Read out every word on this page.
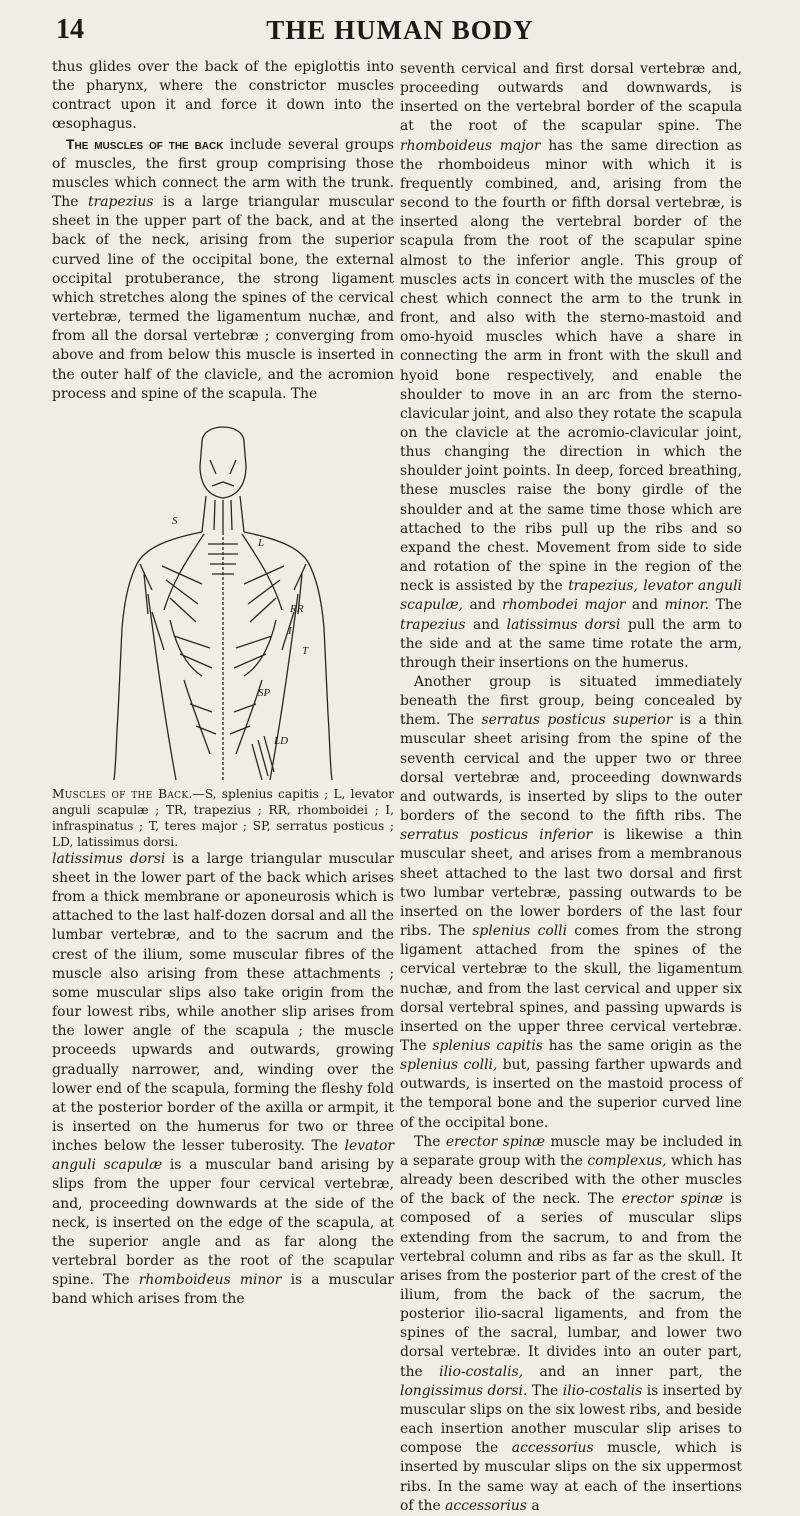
14	THE HUMAN BODY

thus glides over the back of the epiglottis into the pharynx, where the constrictor muscles contract upon it and force it down into the œsophagus.

The muscles of the back include several groups of muscles, the first group comprising those muscles which connect the arm with the trunk. The trapezius is a large triangular muscular sheet in the upper part of the back, and at the back of the neck, arising from the superior curved line of the occipital bone, the external occipital protuberance, the strong ligament which stretches along the spines of the cervical vertebræ, termed the ligamentum nuchæ, and from all the dorsal vertebræ ; converging from above and from below this muscle is inserted in the outer half of the clavicle, and the acromion process and spine of the scapula. The

S
L
RR
T
I
SP
LD

Muscles of the Back.—S, splenius capitis ; L, levator anguli scapulæ ; TR, trapezius ; RR, rhomboidei ; I, infraspinatus ; T, teres major ; SP, serratus posticus ; LD, latissimus dorsi.

latissimus dorsi is a large triangular muscular sheet in the lower part of the back which arises from a thick membrane or aponeurosis which is attached to the last half-dozen dorsal and all the lumbar vertebræ, and to the sacrum and the crest of the ilium, some muscular fibres of the muscle also arising from these attachments ; some muscular slips also take origin from the four lowest ribs, while another slip arises from the lower angle of the scapula ; the muscle proceeds upwards and outwards, growing gradually narrower, and, winding over the lower end of the scapula, forming the fleshy fold at the posterior border of the axilla or armpit, it is inserted on the humerus for two or three inches below the lesser tuberosity. The levator anguli scapulæ is a muscular band arising by slips from the upper four cervical vertebræ, and, proceeding downwards at the side of the neck, is inserted on the edge of the scapula, at the superior angle and as far along the vertebral border as the root of the scapular spine. The rhomboideus minor is a muscular band which arises from the

seventh cervical and first dorsal vertebræ and, proceeding outwards and downwards, is inserted on the vertebral border of the scapula at the root of the scapular spine. The rhomboideus major has the same direction as the rhomboideus minor with which it is frequently combined, and, arising from the second to the fourth or fifth dorsal vertebræ, is inserted along the vertebral border of the scapula from the root of the scapular spine almost to the inferior angle. This group of muscles acts in concert with the muscles of the chest which connect the arm to the trunk in front, and also with the sterno-mastoid and omo-hyoid muscles which have a share in connecting the arm in front with the skull and hyoid bone respectively, and enable the shoulder to move in an arc from the sterno-clavicular joint, and also they rotate the scapula on the clavicle at the acromio-clavicular joint, thus changing the direction in which the shoulder joint points. In deep, forced breathing, these muscles raise the bony girdle of the shoulder and at the same time those which are attached to the ribs pull up the ribs and so expand the chest. Movement from side to side and rotation of the spine in the region of the neck is assisted by the trapezius, levator anguli scapulæ, and rhombodei major and minor. The trapezius and latissimus dorsi pull the arm to the side and at the same time rotate the arm, through their insertions on the humerus.

Another group is situated immediately beneath the first group, being concealed by them. The serratus posticus superior is a thin muscular sheet arising from the spine of the seventh cervical and the upper two or three dorsal vertebræ and, proceeding downwards and outwards, is inserted by slips to the outer borders of the second to the fifth ribs. The serratus posticus inferior is likewise a thin muscular sheet, and arises from a membranous sheet attached to the last two dorsal and first two lumbar vertebræ, passing outwards to be inserted on the lower borders of the last four ribs. The splenius colli comes from the strong ligament attached from the spines of the cervical vertebræ to the skull, the ligamentum nuchæ, and from the last cervical and upper six dorsal vertebral spines, and passing upwards is inserted on the upper three cervical vertebræ. The splenius capitis has the same origin as the splenius colli, but, passing farther upwards and outwards, is inserted on the mastoid process of the temporal bone and the superior curved line of the occipital bone.

The erector spinæ muscle may be included in a separate group with the complexus, which has already been described with the other muscles of the back of the neck. The erector spinæ is composed of a series of muscular slips extending from the sacrum, to and from the vertebral column and ribs as far as the skull. It arises from the posterior part of the crest of the ilium, from the back of the sacrum, the posterior ilio-sacral ligaments, and from the spines of the sacral, lumbar, and lower two dorsal vertebræ. It divides into an outer part, the ilio-costalis, and an inner part, the longissimus dorsi. The ilio-costalis is inserted by muscular slips on the six lowest ribs, and beside each insertion another muscular slip arises to compose the accessorius muscle, which is inserted by muscular slips on the six uppermost ribs. In the same way at each of the insertions of the accessorius a
